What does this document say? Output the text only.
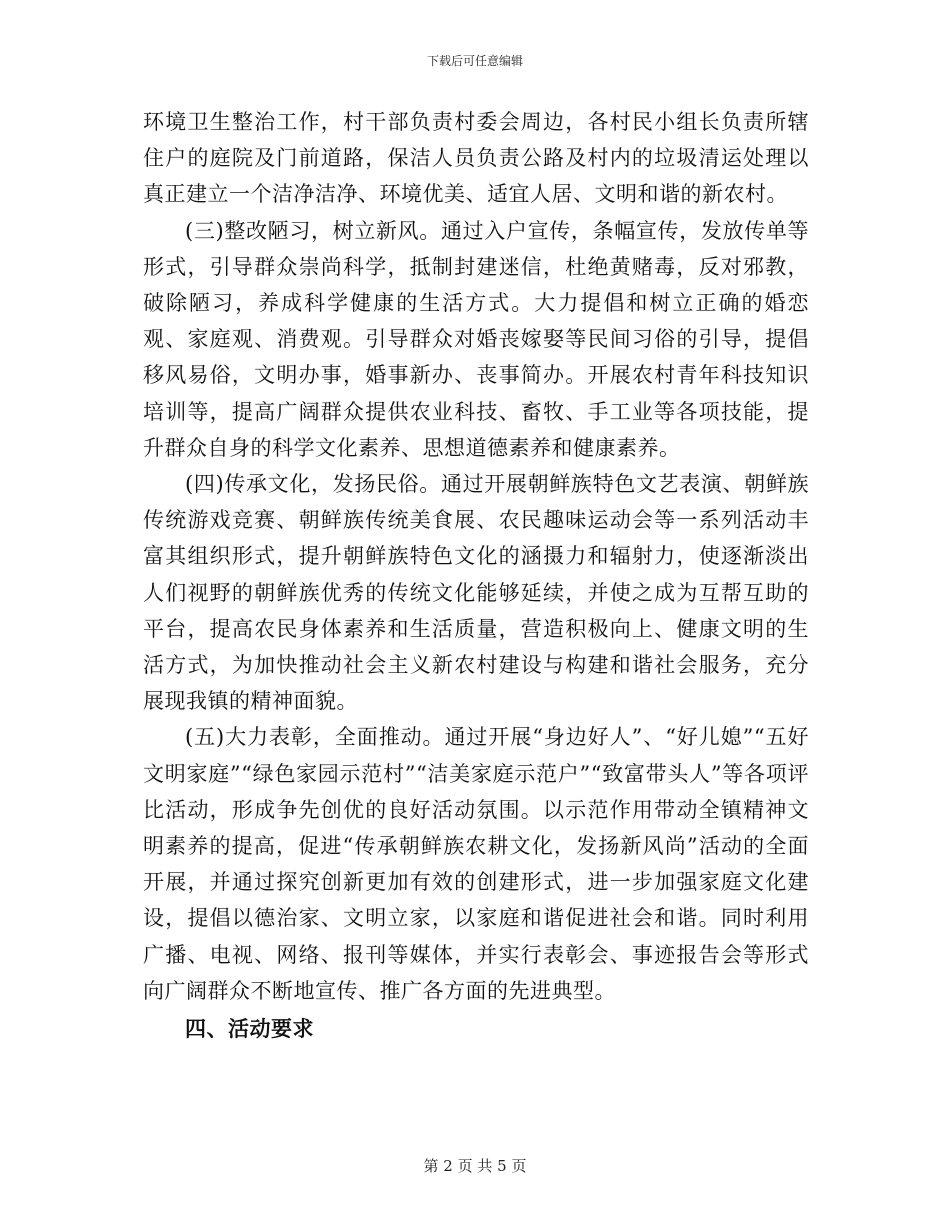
下载后可任意编辑

环境卫生整治工作，村干部负责村委会周边，各村民小组长负责所辖住户的庭院及门前道路，保洁人员负责公路及村内的垃圾清运处理以真正建立一个洁净洁净、环境优美、适宜人居、文明和谐的新农村。

(三)整改陋习，树立新风。通过入户宣传，条幅宣传，发放传单等形式，引导群众崇尚科学，抵制封建迷信，杜绝黄赌毒，反对邪教，破除陋习，养成科学健康的生活方式。大力提倡和树立正确的婚恋观、家庭观、消费观。引导群众对婚丧嫁娶等民间习俗的引导，提倡移风易俗，文明办事，婚事新办、丧事简办。开展农村青年科技知识培训等，提高广阔群众提供农业科技、畜牧、手工业等各项技能，提升群众自身的科学文化素养、思想道德素养和健康素养。

(四)传承文化，发扬民俗。通过开展朝鲜族特色文艺表演、朝鲜族传统游戏竞赛、朝鲜族传统美食展、农民趣味运动会等一系列活动丰富其组织形式，提升朝鲜族特色文化的涵摄力和辐射力，使逐渐淡出人们视野的朝鲜族优秀的传统文化能够延续，并使之成为互帮互助的平台，提高农民身体素养和生活质量，营造积极向上、健康文明的生活方式，为加快推动社会主义新农村建设与构建和谐社会服务，充分展现我镇的精神面貌。

(五)大力表彰，全面推动。通过开展“身边好人”、“好儿媳”“五好文明家庭”“绿色家园示范村”“洁美家庭示范户”“致富带头人”等各项评比活动，形成争先创优的良好活动氛围。以示范作用带动全镇精神文明素养的提高，促进“传承朝鲜族农耕文化，发扬新风尚”活动的全面开展，并通过探究创新更加有效的创建形式，进一步加强家庭文化建设，提倡以德治家、文明立家，以家庭和谐促进社会和谐。同时利用广播、电视、网络、报刊等媒体，并实行表彰会、事迹报告会等形式向广阔群众不断地宣传、推广各方面的先进典型。

四、活动要求

第 2 页 共 5 页
